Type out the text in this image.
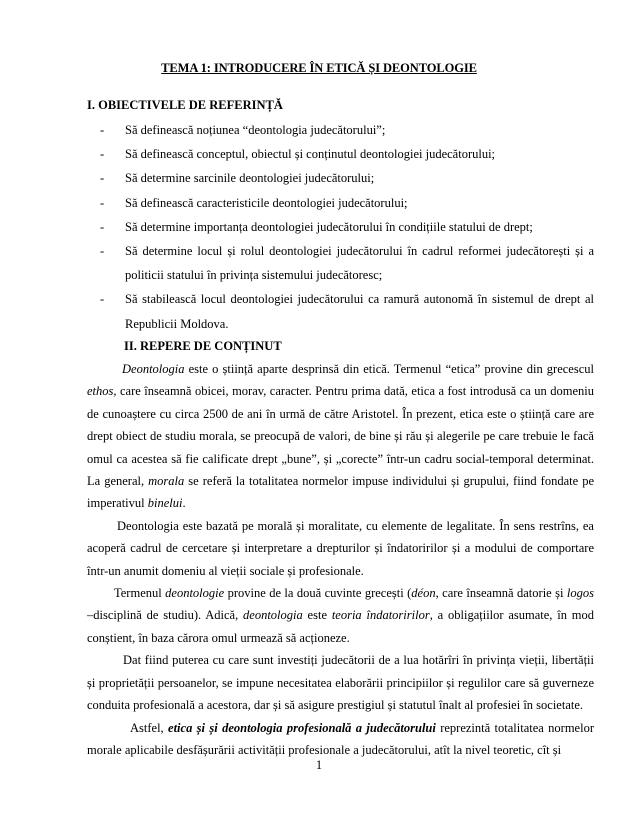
TEMA 1: INTRODUCERE ÎN ETICĂ ȘI DEONTOLOGIE
I. OBIECTIVELE DE REFERINȚĂ
- Să definească noțiunea “deontologia judecătorului”;
- Să definească conceptul, obiectul și conținutul deontologiei judecătorului;
- Să determine sarcinile deontologiei judecătorului;
- Să definească caracteristicile deontologiei judecătorului;
- Să determine importanța deontologiei judecătorului în condițiile statului de drept;
- Să determine locul și rolul deontologiei judecătorului în cadrul reformei judecătorești și a politicii statului în privința sistemului judecătoresc;
- Să stabilească locul deontologiei judecătorului ca ramură autonomă în sistemul de drept al Republicii Moldova.
II. REPERE DE CONȚINUT

Deontologia este o știință aparte desprinsă din etică. Termenul “etica” provine din grecescul ethos, care înseamnă obicei, morav, caracter. Pentru prima dată, etica a fost introdusă ca un domeniu de cunoaștere cu circa 2500 de ani în urmă de către Aristotel. În prezent, etica este o știință care are drept obiect de studiu morala, se preocupă de valori, de bine și rău și alegerile pe care trebuie le facă omul ca acestea să fie calificate drept „bune”, și „corecte” într-un cadru social-temporal determinat. La general, morala se referă la totalitatea normelor impuse individului și grupului, fiind fondate pe imperativul binelui.

Deontologia este bazată pe morală și moralitate, cu elemente de legalitate. În sens restrîns, ea acoperă cadrul de cercetare și interpretare a drepturilor și îndatoririlor și a modului de comportare într-un anumit domeniu al vieții sociale și profesionale.

Termenul deontologie provine de la două cuvinte grecești (déon, care înseamnă datorie și logos –disciplină de studiu). Adică, deontologia este teoria îndatoririlor, a obligațiilor asumate, în mod conștient, în baza cărora omul urmează să acționeze.

Dat fiind puterea cu care sunt investiți judecătorii de a lua hotărîri în privința vieții, libertății și proprietății persoanelor, se impune necesitatea elaborării principiilor și regulilor care să guverneze conduita profesională a acestora, dar și să asigure prestigiul și statutul înalt al profesiei în societate.

Astfel, etica și și deontologia profesională a judecătorului reprezintă totalitatea normelor morale aplicabile desfășurării activității profesionale a judecătorului, atît la nivel teoretic, cît și

1
